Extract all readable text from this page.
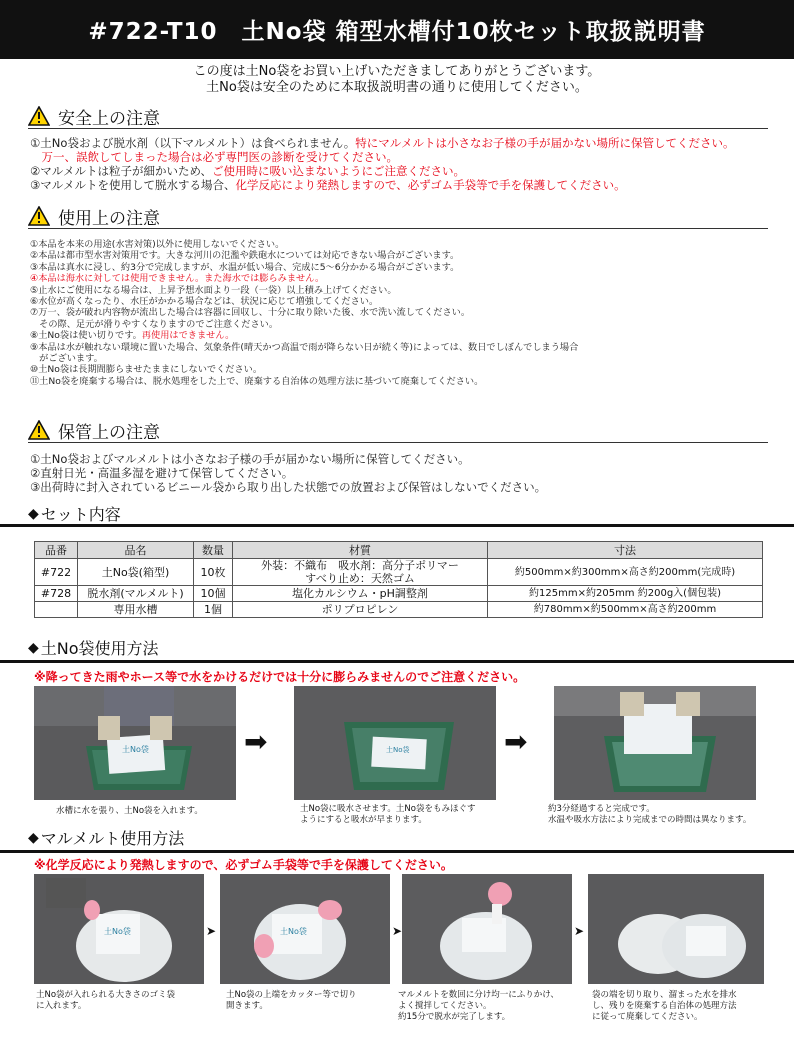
#722-T10　土No袋 箱型水槽付10枚セット取扱説明書
この度は土No袋をお買い上げいただきましてありがとうございます。
土No袋は安全のために本取扱説明書の通りに使用してください。
安全上の注意
①土No袋および脱水剤（以下マルメルト）は食べられません。特にマルメルトは小さなお子様の手が届かない場所に保管してください。
　万一、誤飲してしまった場合は必ず専門医の診断を受けてください。
②マルメルトは粒子が細かいため、ご使用時に吸い込まないようにご注意ください。
③マルメルトを使用して脱水する場合、化学反応により発熱しますので、必ずゴム手袋等で手を保護してください。
使用上の注意
①本品を本来の用途(水害対策)以外に使用しないでください。
②本品は都市型水害対策用です。大きな河川の氾濫や鉄砲水については対応できない場合がございます。
③本品は真水に浸し、約3分で完成しますが、水温が低い場合、完成に5～6分かかる場合がございます。
④本品は海水に対しては使用できません。また海水では膨らみません。
⑤止水にご使用になる場合は、上昇予想水面より一段（一袋）以上積み上げてください。
⑥水位が高くなったり、水圧がかかる場合などは、状況に応じて増強してください。
⑦万一、袋が破れ内容物が流出した場合は容器に回収し、十分に取り除いた後、水で洗い流してください。
　その際、足元が滑りやすくなりますのでご注意ください。
⑧土No袋は使い切りです。再使用はできません。
⑨本品は水が触れない環境に置いた場合、気象条件(晴天かつ高温で雨が降らない日が続く等)によっては、数日でしぼんでしまう場合
　がございます。
⑩土No袋は長期間膨らませたままにしないでください。
⑪土No袋を廃棄する場合は、脱水処理をした上で、廃棄する自治体の処理方法に基づいて廃棄してください。
保管上の注意
①土No袋およびマルメルトは小さなお子様の手が届かない場所に保管してください。
②直射日光・高温多湿を避けて保管してください。
③出荷時に封入されているビニール袋から取り出した状態での放置および保管はしないでください。
◆ セット内容
品番	品名	数量	材質	寸法
#722	土No袋(箱型)	10枚	外装：不織布　吸水剤：高分子ポリマー
すべり止め：天然ゴム	約500mm×約300mm×高さ約200mm(完成時)
#728	脱水剤(マルメルト)	10個	塩化カルシウム・pH調整剤	約125mm×約205mm 約200g入(個包装)
	専用水槽	1個	ポリプロピレン	約780mm×約500mm×高さ約200mm
◆ 土No袋使用方法
※降ってきた雨やホース等で水をかけるだけでは十分に膨らみませんのでご注意ください。
土No袋	➡	土No袋	➡
水槽に水を張り、土No袋を入れます。	土No袋に吸水させます。土No袋をもみほぐす
ようにすると吸水が早まります。
約3分経過すると完成です。
水温や吸水方法により完成までの時間は異なります。
◆ マルメルト使用方法
※化学反応により発熱しますので、必ずゴム手袋等で手を保護してください。
土No袋	➤	土No袋	➤	➤
土No袋が入れられる大きさのゴミ袋
に入れます。
土No袋の上端をカッター等で切り
開きます。
マルメルトを数回に分け均一にふりかけ、
よく撹拌してください。
約15分で脱水が完了します。
袋の端を切り取り、溜まった水を排水
し、残りを廃棄する自治体の処理方法
に従って廃棄してください。
